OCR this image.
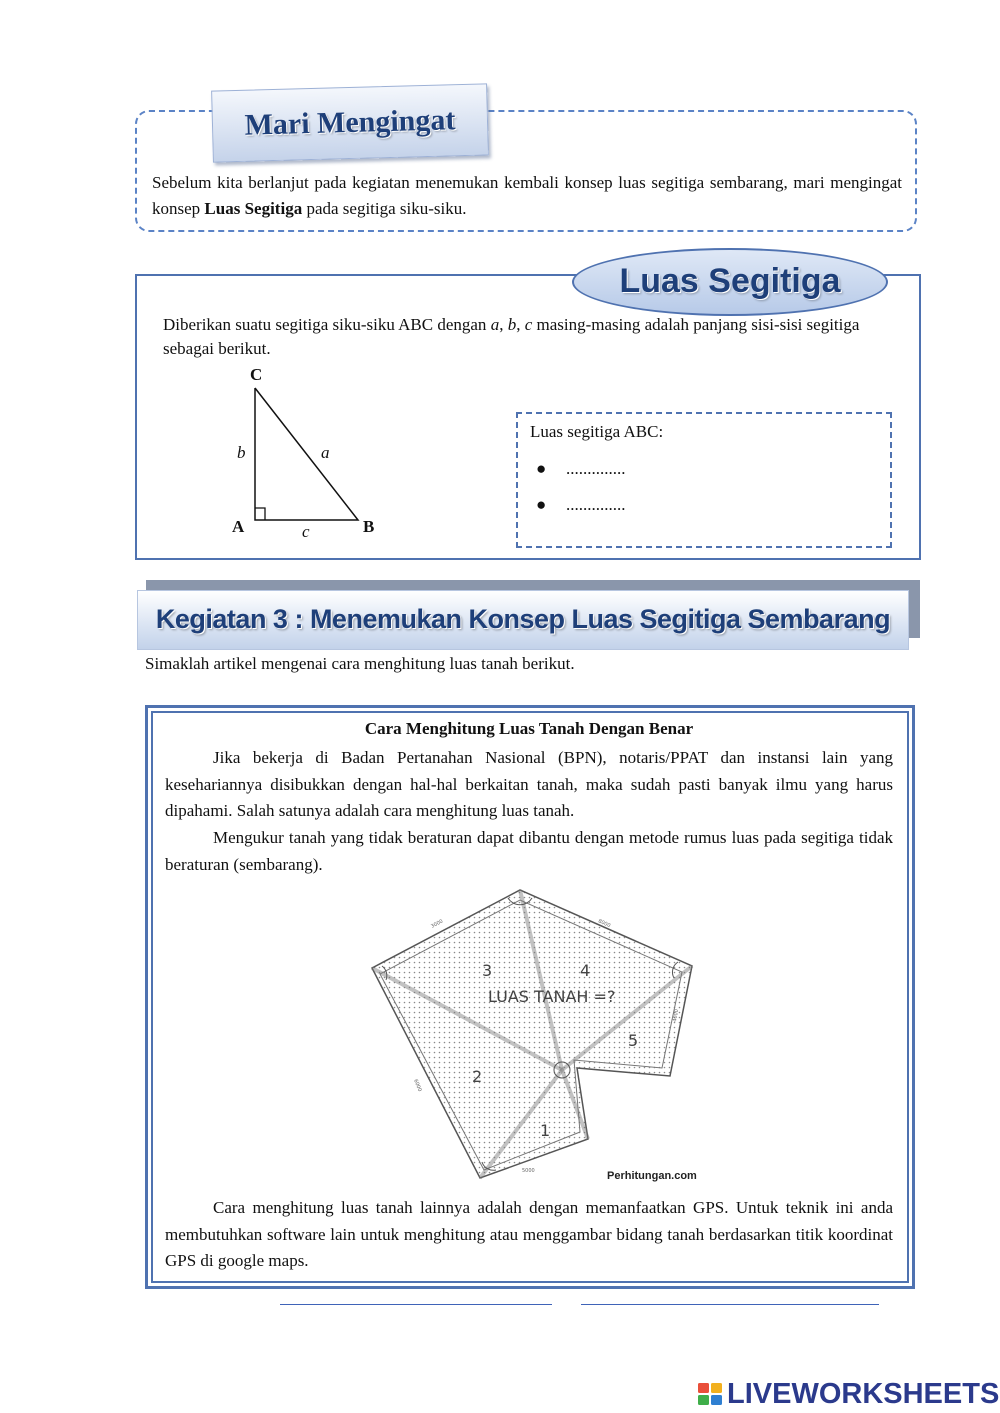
Mari Mengingat
Sebelum kita berlanjut pada kegiatan menemukan kembali konsep luas segitiga sembarang, mari mengingat konsep Luas Segitiga pada segitiga siku-siku.
Luas Segitiga
Diberikan suatu segitiga siku-siku ABC dengan a, b, c masing-masing adalah panjang sisi-sisi segitiga sebagai berikut.
C
A	B
b	a
c
Luas segitiga ABC:
● ..............
● ..............
Kegiatan 3 : Menemukan Konsep Luas Segitiga Sembarang
Simaklah artikel mengenai cara menghitung luas tanah berikut.
Cara Menghitung Luas Tanah Dengan Benar
Jika bekerja di Badan Pertanahan Nasional (BPN), notaris/PPAT dan instansi lain yang kesehariannya disibukkan dengan hal-hal berkaitan tanah, maka sudah pasti banyak ilmu yang harus dipahami. Salah satunya adalah cara menghitung luas tanah.
Mengukur tanah yang tidak beraturan dapat dibantu dengan metode rumus luas pada segitiga tidak beraturan (sembarang).
3	4
5
2
1
LUAS TANAH =?
3000	8000
5000
6000
4000
Perhitungan.com
Cara menghitung luas tanah lainnya adalah dengan memanfaatkan GPS. Untuk teknik ini anda membutuhkan software lain untuk menghitung atau menggambar bidang tanah berdasarkan titik koordinat GPS di google maps.
LIVEWORKSHEETS
